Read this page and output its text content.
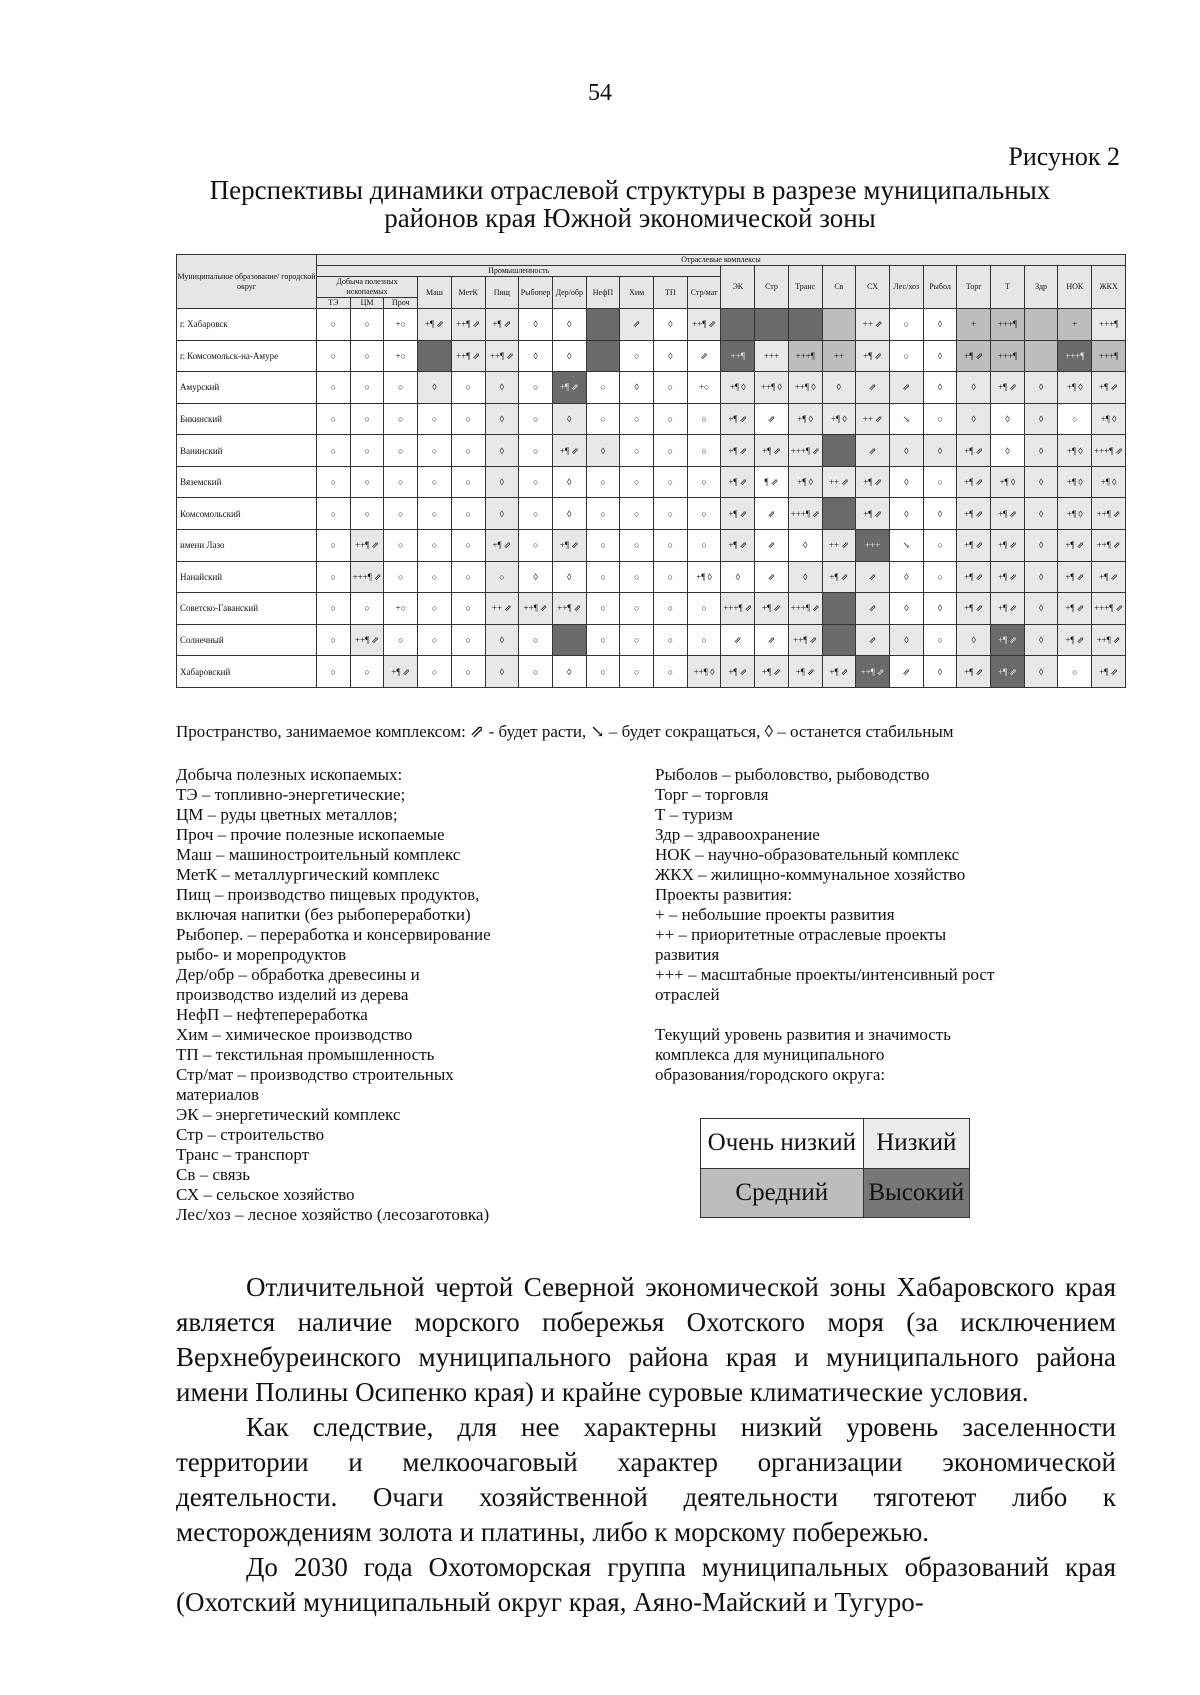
54
Рисунок 2
Перспективы динамики отраслевой структуры в разрезе муниципальных районов края Южной экономической зоны
Муниципальное образование/ городской округ	Отраслевые комплексы																							
	Промышленность												ЭК	Стр	Транс	Св	СХ	Лес/хоз	Рыбол	Торг	Т	Здр	НОК	ЖКХ
	Добыча полезных ископаемых			Маш	МетК	Пищ	Рыбопер	Дер/обр	НефП	Хим	ТП	Стр/мат												
	ТЭ	ЦМ	Проч																					
г. Хабаровск	○	○	+○	+¶ ⇗	++¶ ⇗	+¶ ⇗	◊	◊		⇗	◊	++¶ ⇗					++ ⇗	○	◊	+	+++¶		+	+++¶
г. Комсомольск-на-Амуре	○	○	+○		++¶ ⇗	++¶ ⇗	◊	◊		○	◊	⇗	++¶	+++	+++¶	++	+¶ ⇗	○	◊	+¶ ⇗	+++¶		+++¶	+++¶
Амурский	○	○	○	◊	○	◊	○	+¶ ⇗	○	◊	○	+○	+¶ ◊	++¶ ◊	++¶ ◊	◊	⇗	⇗	◊	◊	+¶ ⇗	◊	+¶ ◊	+¶ ⇗
Бикинский	○	○	○	○	○	◊	○	◊	○	○	○	○	+¶ ⇗	⇗	+¶ ◊	+¶ ◊	++ ⇗	↘	○	◊	◊	◊	○	+¶ ◊
Ванинский	○	○	○	○	○	◊	○	+¶ ⇗	◊	○	○	○	+¶ ⇗	+¶ ⇗	+++¶ ⇗		⇗	◊	◊	+¶ ⇗	◊	◊	+¶ ◊	+++¶ ⇗
Вяземский	○	○	○	○	○	◊	○	◊	○	○	○	○	+¶ ⇗	¶ ⇗	+¶ ◊	++ ⇗	+¶ ⇗	◊	○	+¶ ⇗	+¶ ◊	◊	+¶ ◊	+¶ ◊
Комсомольский	○	○	○	○	○	◊	○	◊	○	○	○	○	+¶ ⇗	⇗	+++¶ ⇗		+¶ ⇗	◊	◊	+¶ ⇗	+¶ ⇗	◊	+¶ ◊	++¶ ⇗
имени Лазо	○	++¶ ⇗	○	○	○	+¶ ⇗	○	+¶ ⇗	○	○	○	○	+¶ ⇗	⇗	◊	++ ⇗	+++	↘	○	+¶ ⇗	+¶ ⇗	◊	+¶ ⇗	++¶ ⇗
Нанайский	○	+++¶ ⇗	○	○	○	○	◊	◊	○	○	○	+¶ ◊	◊	⇗	◊	+¶ ⇗	⇗	◊	○	+¶ ⇗	+¶ ⇗	◊	+¶ ⇗	+¶ ⇗
Советско-Гаванский	○	○	+○	○	○	++ ⇗	++¶ ⇗	++¶ ⇗	○	○	○	○	+++¶ ⇗	+¶ ⇗	+++¶ ⇗		⇗	◊	◊	+¶ ⇗	+¶ ⇗	◊	+¶ ⇗	+++¶ ⇗
Солнечный	○	++¶ ⇗	○	○	○	◊	○		○	○	○	○	⇗	⇗	++¶ ⇗		⇗	◊	○	◊	+¶ ⇗	◊	+¶ ⇗	++¶ ⇗
Хабаровский	○	○	+¶ ⇗	○	○	◊	○	◊	○	○	○	++¶ ◊	+¶ ⇗	+¶ ⇗	+¶ ⇗	+¶ ⇗	++¶ ⇗	⇗	◊	+¶ ⇗	+¶ ⇗	◊	○	+¶ ⇗
Пространство, занимаемое комплексом: ⇗ - будет расти, ↘ – будет сокращаться, ◊ – останется стабильным
Добыча полезных ископаемых:
ТЭ – топливно-энергетические;
ЦМ – руды цветных металлов;
Проч – прочие полезные ископаемые
Маш – машиностроительный комплекс
МетК – металлургический комплекс
Пищ – производство пищевых продуктов,
включая напитки (без рыбопереработки)
Рыбопер. – переработка и консервирование
рыбо- и морепродуктов
Дер/обр – обработка древесины и
производство изделий из дерева
НефП – нефтепереработка
Хим – химическое производство
ТП – текстильная промышленность
Стр/мат – производство строительных
материалов
ЭК – энергетический комплекс
Стр – строительство
Транс – транспорт
Св – связь
СХ – сельское хозяйство
Лес/хоз – лесное хозяйство (лесозаготовка)
Рыболов – рыболовство, рыбоводство
Торг – торговля
Т – туризм
Здр – здравоохранение
НОК – научно-образовательный комплекс
ЖКХ – жилищно-коммунальное хозяйство
Проекты развития:
+ – небольшие проекты развития
++ – приоритетные отраслевые проекты
развития
+++ – масштабные проекты/интенсивный рост
отраслей
Текущий уровень развития и значимость
комплекса для муниципального
образования/городского округа:
Очень низкий	Низкий
Средний	Высокий
Отличительной чертой Северной экономической зоны Хабаровского края является наличие морского побережья Охотского моря (за исключением Верхнебуреинского муниципального района края и муниципального района имени Полины Осипенко края) и крайне суровые климатические условия.
Как следствие, для нее характерны низкий уровень заселенности территории и мелкоочаговый характер организации экономической деятельности. Очаги хозяйственной деятельности тяготеют либо к месторождениям золота и платины, либо к морскому побережью.
До 2030 года Охотоморская группа муниципальных образований края (Охотский муниципальный округ края, Аяно-Майский и Тугуро-
